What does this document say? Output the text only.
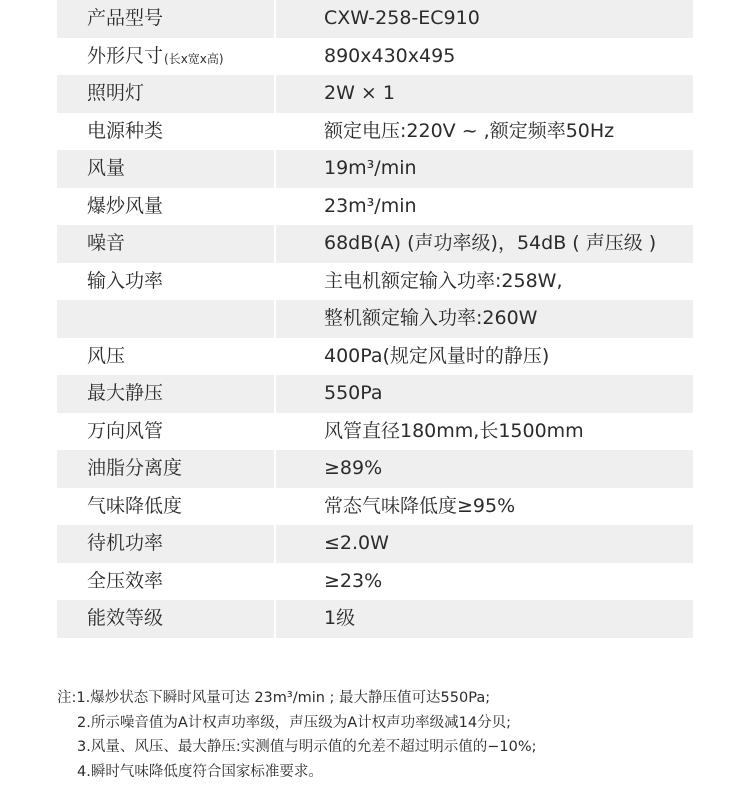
产品型号	CXW-258-EC910
外形尺寸 (长x宽x高)	890x430x495
照明灯	2W × 1
电源种类	额定电压:220V ~ ,额定频率50Hz
风量	19m³/min
爆炒风量	23m³/min
噪音	68dB(A) (声功率级)，54dB ( 声压级 )
输入功率	主电机额定输入功率:258W,
整机额定输入功率:260W
风压	400Pa(规定风量时的静压)
最大静压	550Pa
万向风管	风管直径180mm,长1500mm
油脂分离度	≥89%
气味降低度	常态气味降低度≥95%
待机功率	≤2.0W
全压效率	≥23%
能效等级	1级
注:1.爆炒状态下瞬时风量可达 23m³/min ; 最大静压值可达550Pa;
2.所示噪音值为A计权声功率级，声压级为A计权声功率级减14分贝;
3.风量、风压、最大静压:实测值与明示值的允差不超过明示值的−10%;
4.瞬时气味降低度符合国家标准要求。
